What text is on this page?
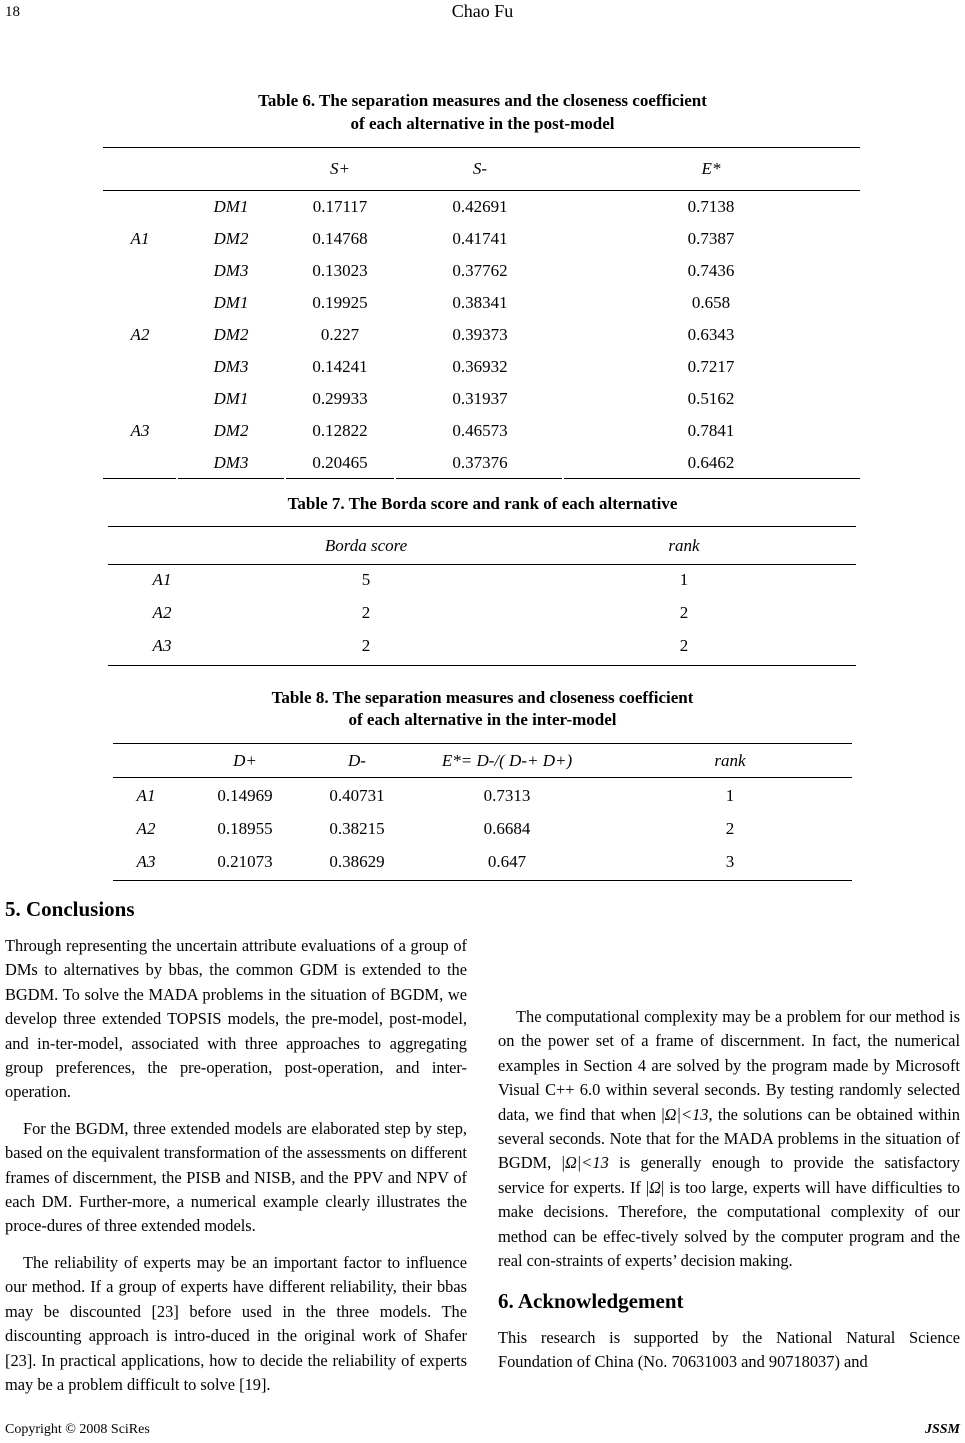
18	Chao Fu
Table 6. The separation measures and the closeness coefficient
of each alternative in the post-model
S+	S-	E*
A1
DM1	0.17117	0.42691	0.7138
DM2	0.14768	0.41741	0.7387
DM3	0.13023	0.37762	0.7436
A2
DM1	0.19925	0.38341	0.658
DM2	0.227	0.39373	0.6343
DM3	0.14241	0.36932	0.7217
A3
DM1	0.29933	0.31937	0.5162
DM2	0.12822	0.46573	0.7841
DM3	0.20465	0.37376	0.6462
Table 7. The Borda score and rank of each alternative
Borda score	rank
A1	5	1
A2	2	2
A3	2	2
Table 8. The separation measures and closeness coefficient
of each alternative in the inter-model
D+	D-	E*= D-/( D-+ D+)	rank
A1	0.14969	0.40731	0.7313	1
A2	0.18955	0.38215	0.6684	2
A3	0.21073	0.38629	0.647	3
5. Conclusions

Through representing the uncertain attribute evaluations of a group of DMs to alternatives by bbas, the common GDM is extended to the BGDM. To solve the MADA problems in the situation of BGDM, we develop three extended TOPSIS models, the pre-model, post-model, and in-ter-model, associated with three approaches to aggregating group preferences, the pre-operation, post-operation, and inter-operation.

For the BGDM, three extended models are elaborated step by step, based on the equivalent transformation of the assessments on different frames of discernment, the PISB and NISB, and the PPV and NPV of each DM. Further-more, a numerical example clearly illustrates the proce-dures of three extended models.

The reliability of experts may be an important factor to influence our method. If a group of experts have different reliability, their bbas may be discounted [23] before used in the three models. The discounting approach is intro-duced in the original work of Shafer [23]. In practical applications, how to decide the reliability of experts may be a problem difficult to solve [19].

The computational complexity may be a problem for our method is on the power set of a frame of discernment. In fact, the numerical examples in Section 4 are solved by the program made by Microsoft Visual C++ 6.0 within several seconds. By testing randomly selected data, we find that when |Ω|<13, the solutions can be obtained within several seconds. Note that for the MADA problems in the situation of BGDM, |Ω|<13 is generally enough to provide the satisfactory service for experts. If |Ω| is too large, experts will have difficulties to make decisions. Therefore, the computational complexity of our method can be effec-tively solved by the computer program and the real con-straints of experts’ decision making.

6. Acknowledgement

This research is supported by the National Natural Science Foundation of China (No. 70631003 and 90718037) and

Copyright © 2008 SciRes	JSSM
